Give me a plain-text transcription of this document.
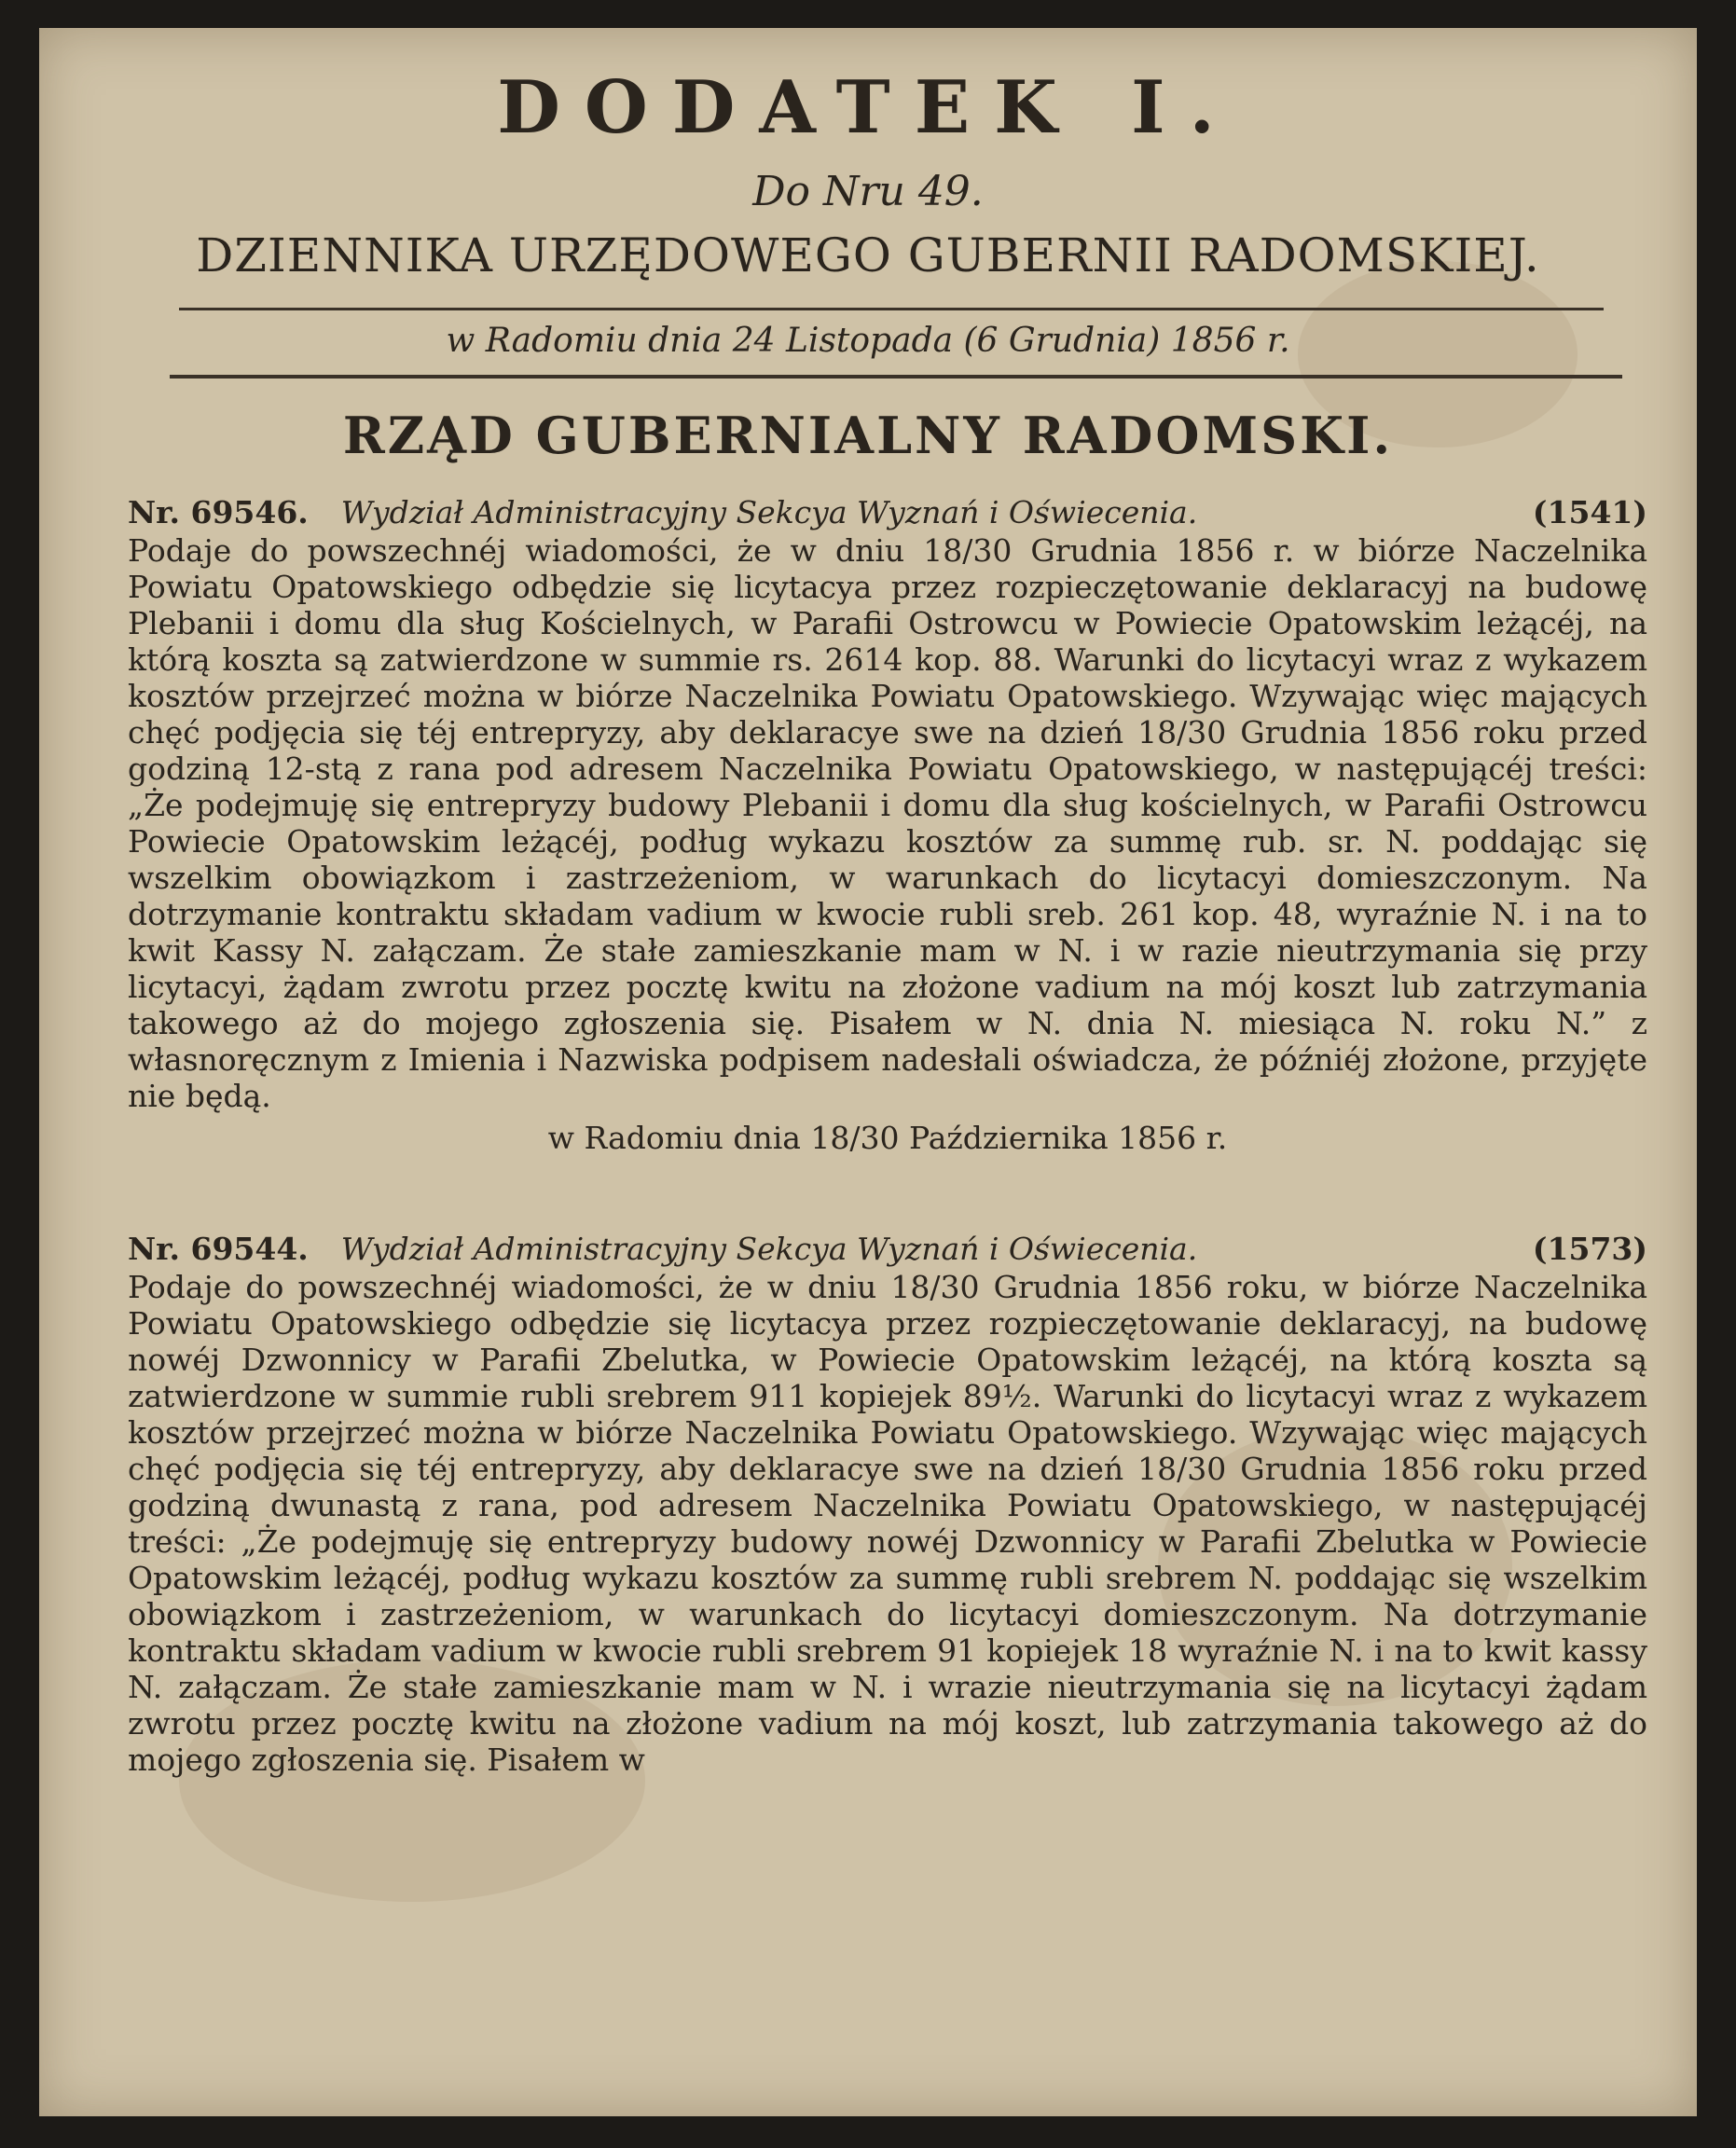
DODATEK I.
Do Nru 49.
DZIENNIKA URZĘDOWEGO GUBERNII RADOMSKIEJ.
w Radomiu dnia 24 Listopada (6 Grudnia) 1856 r.
RZĄD GUBERNIALNY RADOMSKI.
Nr. 69546. Wydział Administracyjny Sekcya Wyznań i Oświecenia.	(1541)
Podaje do powszechnéj wiadomości, że w dniu 18/30 Grudnia 1856 r. w biórze Naczelnika Powiatu Opatowskiego odbędzie się licytacya przez rozpieczętowanie deklaracyj na budowę Plebanii i domu dla sług Kościelnych, w Parafii Ostrowcu w Powiecie Opatowskim leżącéj, na którą koszta są zatwierdzone w summie rs. 2614 kop. 88. Warunki do licytacyi wraz z wykazem kosztów przejrzeć można w biórze Naczelnika Powiatu Opatowskiego. Wzywając więc mających chęć podjęcia się téj entrepryzy, aby deklaracye swe na dzień 18/30 Grudnia 1856 roku przed godziną 12-stą z rana pod adresem Naczelnika Powiatu Opatowskiego, w następującéj treści: „Że podejmuję się entrepryzy budowy Plebanii i domu dla sług kościelnych, w Parafii Ostrowcu Powiecie Opatowskim leżącéj, podług wykazu kosztów za summę rub. sr. N. poddając się wszelkim obowiązkom i zastrzeżeniom, w warunkach do licytacyi domieszczonym. Na dotrzymanie kontraktu składam vadium w kwocie rubli sreb. 261 kop. 48, wyraźnie N. i na to kwit Kassy N. załączam. Że stałe zamieszkanie mam w N. i w razie nieutrzymania się przy licytacyi, żądam zwrotu przez pocztę kwitu na złożone vadium na mój koszt lub zatrzymania takowego aż do mojego zgłoszenia się. Pisałem w N. dnia N. miesiąca N. roku N.” z własnoręcznym z Imienia i Nazwiska podpisem nadesłali oświadcza, że późniéj złożone, przyjęte nie będą.
w Radomiu dnia 18/30 Października 1856 r.
Nr. 69544. Wydział Administracyjny Sekcya Wyznań i Oświecenia.	(1573)
Podaje do powszechnéj wiadomości, że w dniu 18/30 Grudnia 1856 roku, w biórze Naczelnika Powiatu Opatowskiego odbędzie się licytacya przez rozpieczętowanie deklaracyj, na budowę nowéj Dzwonnicy w Parafii Zbelutka, w Powiecie Opatowskim leżącéj, na którą koszta są zatwierdzone w summie rubli srebrem 911 kopiejek 89½. Warunki do licytacyi wraz z wykazem kosztów przejrzeć można w biórze Naczelnika Powiatu Opatowskiego. Wzywając więc mających chęć podjęcia się téj entrepryzy, aby deklaracye swe na dzień 18/30 Grudnia 1856 roku przed godziną dwunastą z rana, pod adresem Naczelnika Powiatu Opatowskiego, w następującéj treści: „Że podejmuję się entrepryzy budowy nowéj Dzwonnicy w Parafii Zbelutka w Powiecie Opatowskim leżącéj, podług wykazu kosztów za summę rubli srebrem N. poddając się wszelkim obowiązkom i zastrzeżeniom, w warunkach do licytacyi domieszczonym. Na dotrzymanie kontraktu składam vadium w kwocie rubli srebrem 91 kopiejek 18 wyraźnie N. i na to kwit kassy N. załączam. Że stałe zamieszkanie mam w N. i wrazie nieutrzymania się na licytacyi żądam zwrotu przez pocztę kwitu na złożone vadium na mój koszt, lub zatrzymania takowego aż do mojego zgłoszenia się. Pisałem w
